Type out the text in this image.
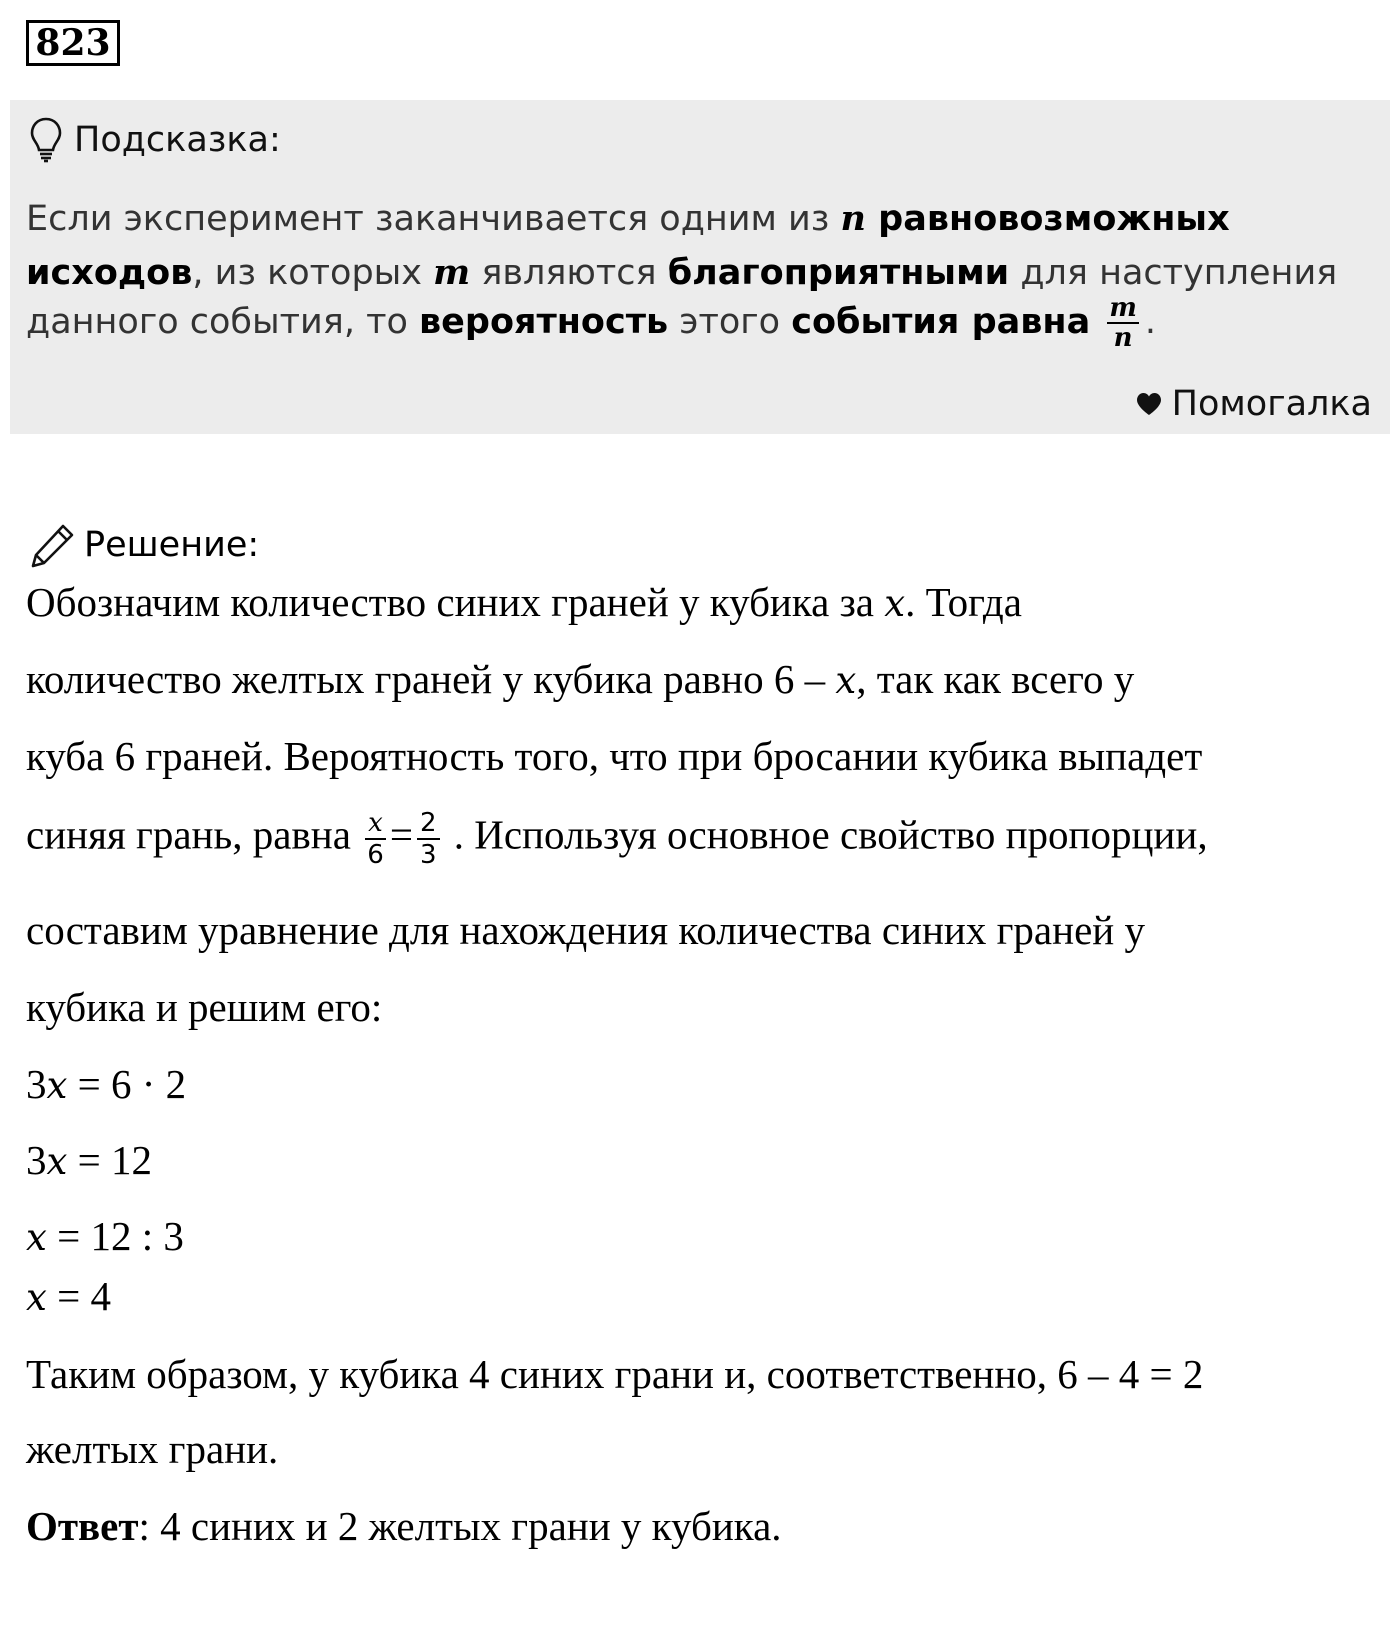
823
Подсказка:
Если эксперимент заканчивается одним из n равновозможных
исходов, из которых m являются благоприятными для наступления
данного события, то вероятность этого события равна $\frac{m}{n}$ .
Помогалка
Решение:
Обозначим количество синих граней у кубика за x. Тогда
количество желтых граней у кубика равно 6 – x, так как всего у
куба 6 граней. Вероятность того, что при бросании кубика выпадет
синяя грань, равна $\frac{x}{6} = \frac{2}{3}$ . Используя основное свойство пропорции,
составим уравнение для нахождения количества синих граней у
кубика и решим его:
3x = 6 · 2
3x = 12
x = 12 : 3
x = 4
Таким образом, у кубика 4 синих грани и, соответственно, 6 – 4 = 2
желтых грани.
Ответ: 4 синих и 2 желтых грани у кубика.
